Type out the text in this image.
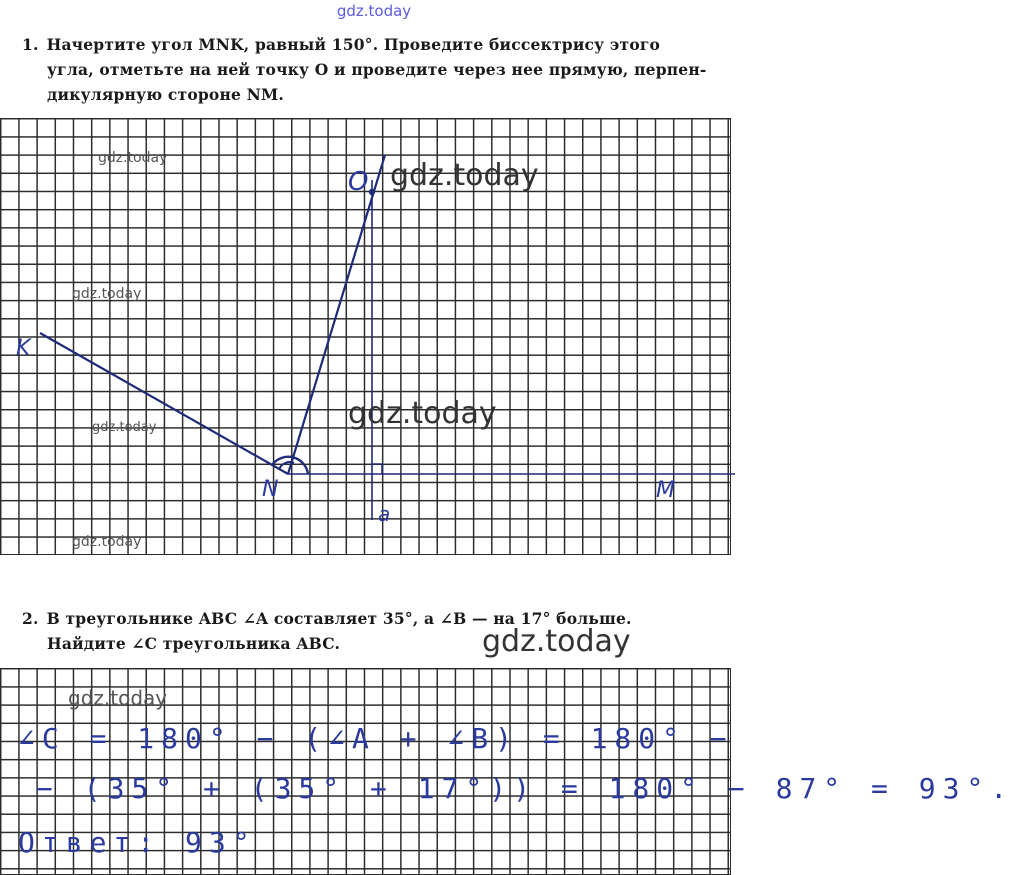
gdz.today
1. Начертите угол MNK, равный 150°. Проведите биссектрису этого
угла, отметьте на ней точку O и проведите через нее прямую, перпен-
дикулярную стороне NM.
K
N	M
O
a
gdz.today	gdz.today
gdz.today
gdz.today
gdz.today
gdz.today
2. В треугольнике ABC ∠A составляет 35°, а ∠B — на 17° больше.
Найдите ∠C треугольника ABC.	gdz.today
gdz.today
∠C = 180° − (∠A + ∠B) = 180° −
− (35° + (35° + 17°)) = 180° − 87° = 93°.
Ответ: 93°
